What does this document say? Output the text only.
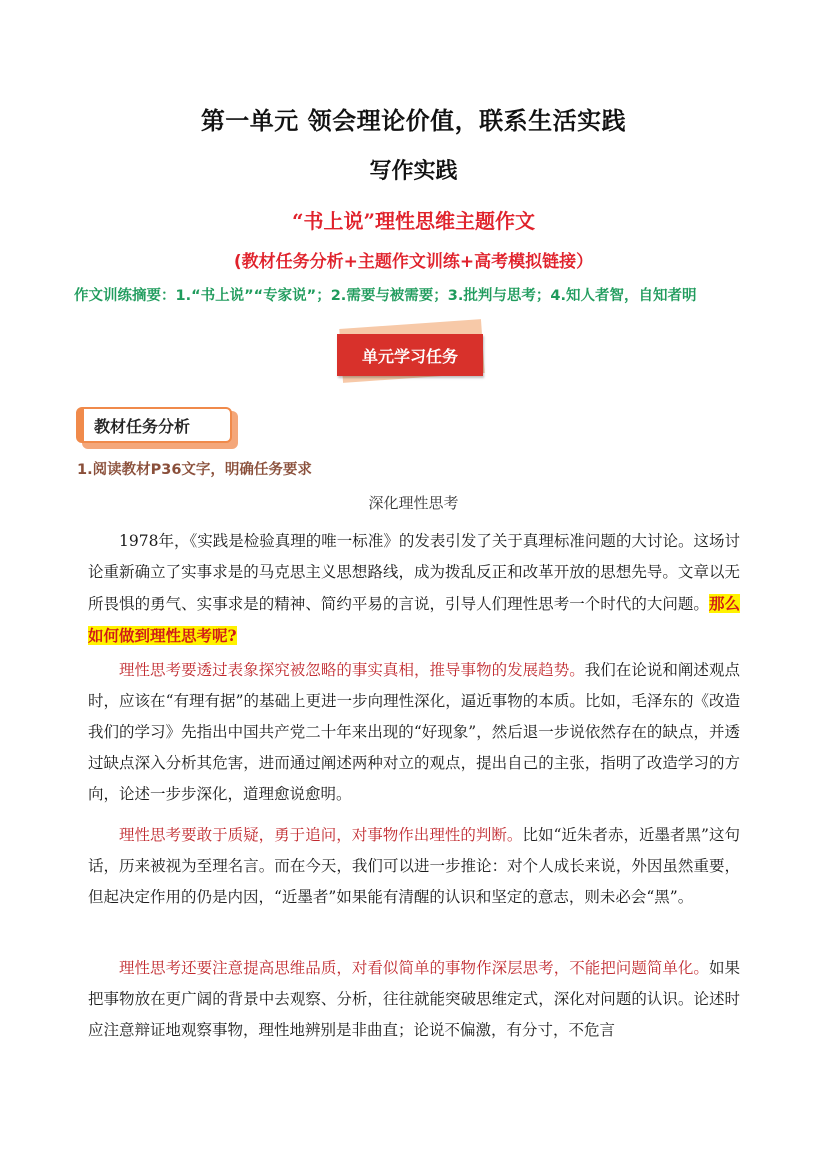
第一单元 领会理论价值，联系生活实践
写作实践
“书上说”理性思维主题作文
(教材任务分析+主题作文训练+高考模拟链接）
作文训练摘要：1.“书上说”“专家说”；2.需要与被需要；3.批判与思考；4.知人者智，自知者明
单元学习任务
教材任务分析
1.阅读教材P36文字，明确任务要求
深化理性思考

1978年，《实践是检验真理的唯一标准》的发表引发了关于真理标准问题的大讨论。这场讨论重新确立了实事求是的马克思主义思想路线，成为拨乱反正和改革开放的思想先导。文章以无所畏惧的勇气、实事求是的精神、简约平易的言说，引导人们理性思考一个时代的大问题。那么如何做到理性思考呢?

理性思考要透过表象探究被忽略的事实真相，推导事物的发展趋势。我们在论说和阐述观点时，应该在“有理有据”的基础上更进一步向理性深化，逼近事物的本质。比如，毛泽东的《改造我们的学习》先指出中国共产党二十年来出现的“好现象”，然后退一步说依然存在的缺点，并透过缺点深入分析其危害，进而通过阐述两种对立的观点，提出自己的主张，指明了改造学习的方向，论述一步步深化，道理愈说愈明。

理性思考要敢于质疑，勇于追问，对事物作出理性的判断。比如“近朱者赤，近墨者黑”这句话，历来被视为至理名言。而在今天，我们可以进一步推论：对个人成长来说，外因虽然重要，但起决定作用的仍是内因，“近墨者”如果能有清醒的认识和坚定的意志，则未必会“黑”。

理性思考还要注意提高思维品质，对看似简单的事物作深层思考，不能把问题简单化。如果把事物放在更广阔的背景中去观察、分析，往往就能突破思维定式，深化对问题的认识。论述时应注意辩证地观察事物，理性地辨别是非曲直；论说不偏激，有分寸，不危言
